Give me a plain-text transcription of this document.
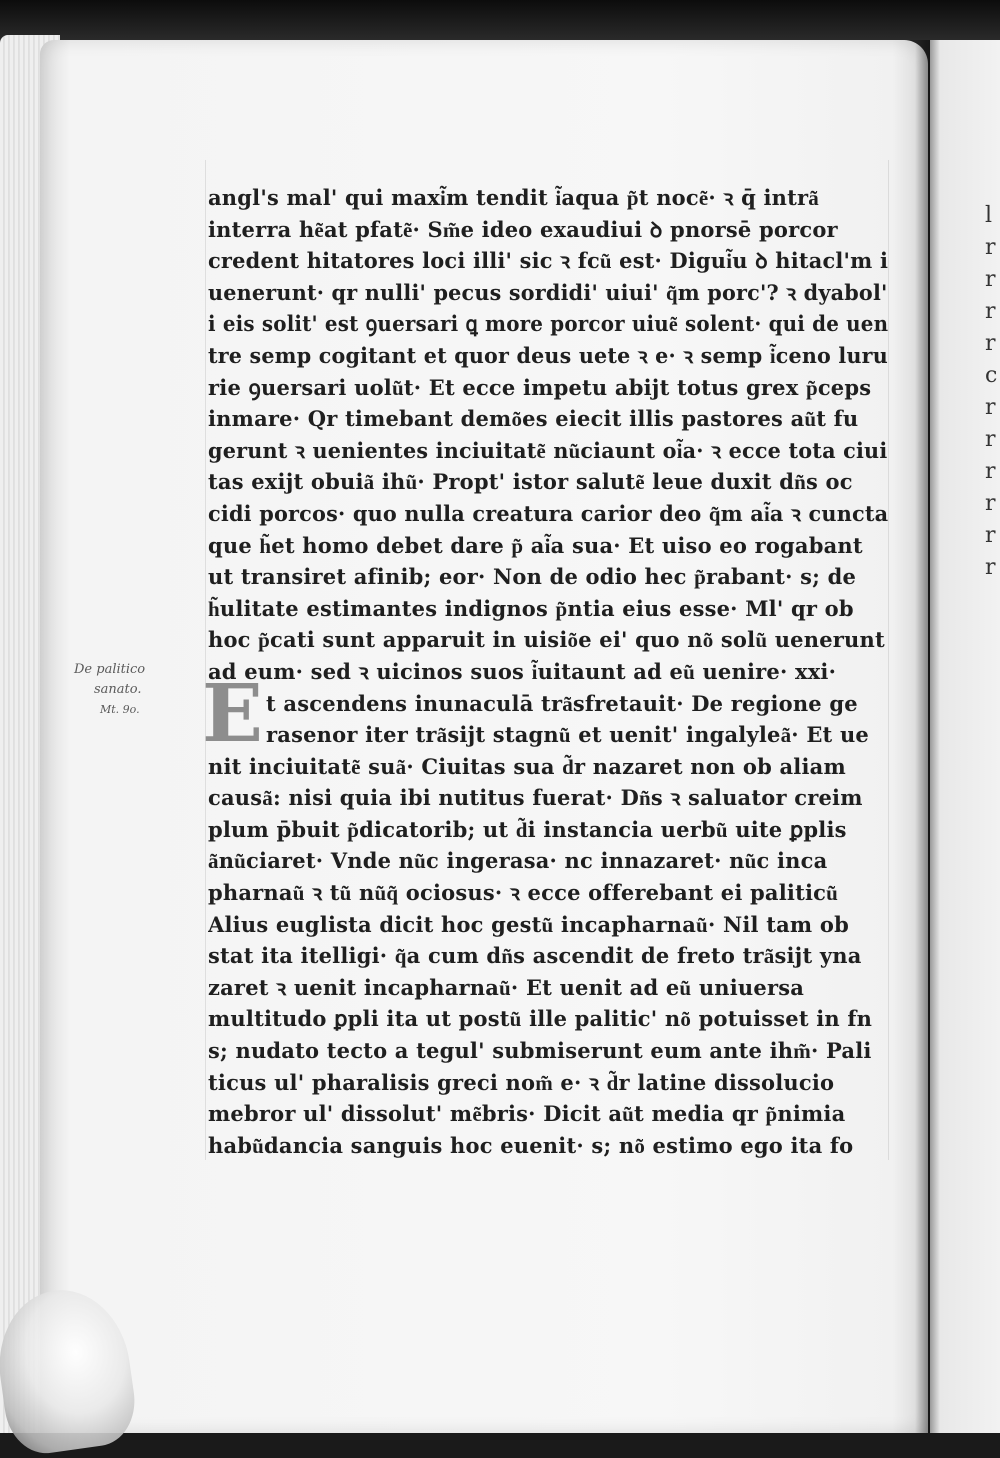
l
r
r
r
r
c
r
r
r
r
r
r
De palitico
sanato.
Mt. 9o. E
angl's mal' qui maxi͂m tendit i͂aqua p͂t noce͂· ꝛ q̄ intra͂
interra he͂at pfate͂· Sm͂e ideo exaudiui ꝺ pnorsē porcor
credent hitatores loci illi' sic ꝛ fcu͂ est· Digui͂u ꝺ hitacl'm i
uenerunt· qr nulli' pecus sordidi' uiui' q͂m porc'? ꝛ dyabol'
i eis solit' est ꝯuersari ꝗ more porcor uiue͂ solent· qui de uen
tre semp cogitant et quor deus uete ꝛ e· ꝛ semp i͂ceno luru
rie ꝯuersari uolu͂t· Et ecce impetu abijt totus grex p͂ceps
inmare· Qr timebant demo͂es eiecit illis pastores au͂t fu
gerunt ꝛ uenientes inciuitate͂ nu͂ciaunt oi͂a· ꝛ ecce tota ciui
tas exijt obuia͂ ihu͂· Propt' istor salute͂ leue duxit dn͂s oc
cidi porcos· quo nulla creatura carior deo q͂m ai͂a ꝛ cuncta
que h͂et homo debet dare p͂ ai͂a sua· Et uiso eo rogabant
ut transiret afinib; eor· Non de odio hec p͂rabant· s; de
h͂ulitate estimantes indignos p͂ntia eius esse· Ml' qr ob
hoc p͂cati sunt apparuit in uisio͂e ei' quo no͂ solu͂ uenerunt
ad eum· sed ꝛ uicinos suos i͂uitaunt ad eu͂ uenire· xxi·
t ascendens inunaculā tra͂sfretauit· De regione ge
rasenor iter tra͂sijt stagnu͂ et uenit' ingalylea͂· Et ue
nit inciuitate͂ sua͂· Ciuitas sua d͂r nazaret non ob aliam
causa͂: nisi quia ibi nutitus fuerat· Dn͂s ꝛ saluator creim
plum p̄buit p͂dicatorib; ut d͂i instancia uerbu͂ uite ꝑplis
a͂nu͂ciaret· Vnde nu͂c ingerasa· nc innazaret· nu͂c inca
pharnau͂ ꝛ tu͂ nu͂q͂ ociosus· ꝛ ecce offerebant ei paliticu͂
Alius euglista dicit hoc gestu͂ incapharnau͂· Nil tam ob
stat ita itelligi· q͂a cum dn͂s ascendit de freto tra͂sijt yna
zaret ꝛ uenit incapharnau͂· Et uenit ad eu͂ uniuersa
multitudo ꝑpli ita ut postu͂ ille palitic' no͂ potuisset in fn
s; nudato tecto a tegul' submiserunt eum ante ihm͂· Pali
ticus ul' pharalisis greci nom͂ e· ꝛ d͂r latine dissolucio
mebror ul' dissolut' me͂bris· Dicit au͂t media qr p͂nimia
habu͂dancia sanguis hoc euenit· s; no͂ estimo ego ita fo
